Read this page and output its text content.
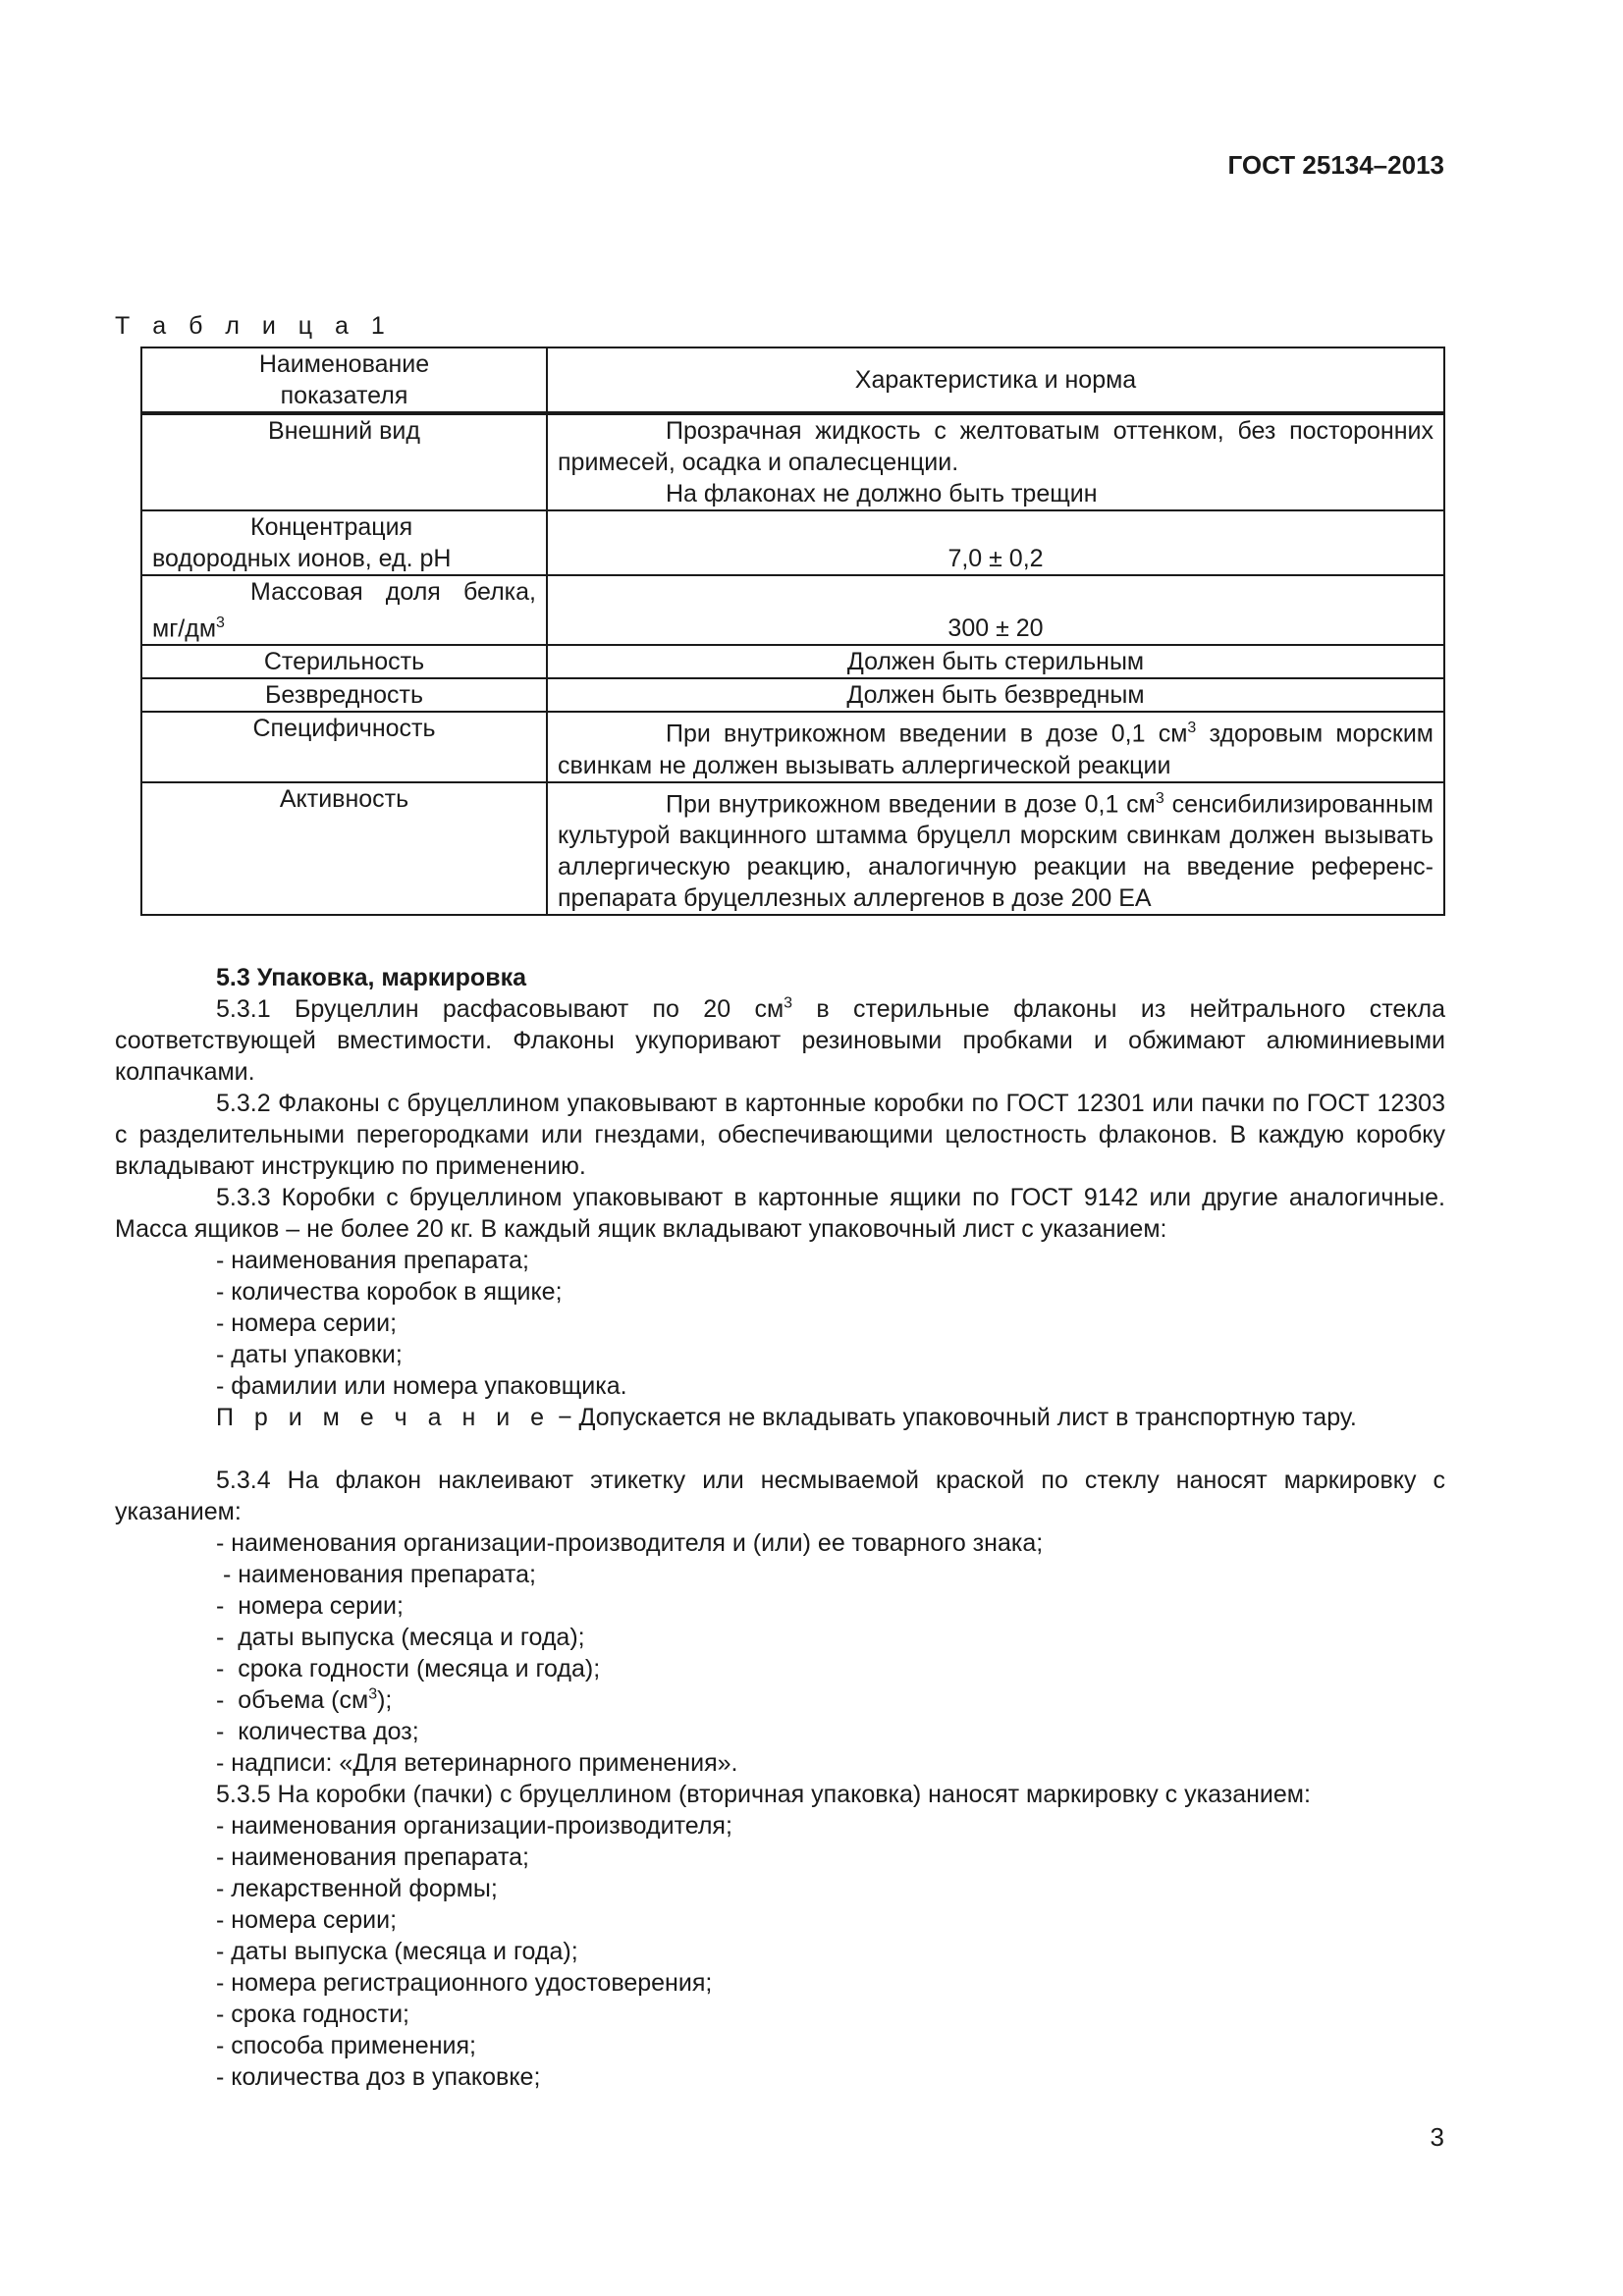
ГОСТ 25134–2013
Т а б л и ц а 1
Наименование показателя	Характеристика и норма
Внешний вид	Прозрачная жидкость с желтоватым оттенком, без посторонних примесей, осадка и опалесценции.
На флаконах не должно быть трещин

Концентрация водородных ионов, ед. pH	7,0 ± 0,2
Массовая доля белка, $мг/дм^3$	300 ± 20
Стерильность	Должен быть стерильным
Безвредность	Должен быть безвредным
Специфичность	При внутрикожном введении в дозе 0,1 $см^3$ здоровым морским свинкам не должен вызывать аллергической реакции
Активность	При внутрикожном введении в дозе 0,1 $см^3$ сенсибилизированным культурой вакцинного штамма бруцелл морским свинкам должен вызывать аллергическую реакцию, аналогичную реакции на введение референс-препарата бруцеллезных аллергенов в дозе 200 ЕА

5.3 Упаковка, маркировка

5.3.1 Бруцеллин расфасовывают по 20 $см^3$ в стерильные флаконы из нейтрального стекла соответствующей вместимости. Флаконы укупоривают резиновыми пробками и обжимают алюминиевыми колпачками.

5.3.2 Флаконы с бруцеллином упаковывают в картонные коробки по ГОСТ 12301 или пачки по ГОСТ 12303 с разделительными перегородками или гнездами, обеспечивающими целостность флаконов. В каждую коробку вкладывают инструкцию по применению.

5.3.3 Коробки с бруцеллином упаковывают в картонные ящики по ГОСТ 9142 или другие аналогичные. Масса ящиков – не более 20 кг. В каждый ящик вкладывают упаковочный лист с указанием:

- наименования препарата;

- количества коробок в ящике;

- номера серии;

- даты упаковки;

- фамилии или номера упаковщика.

П р и м е ч а н и е − Допускается не вкладывать упаковочный лист в транспортную тару.

5.3.4 На флакон наклеивают этикетку или несмываемой краской по стеклу наносят маркировку с указанием:

- наименования организации-производителя и (или) ее товарного знака;

- наименования препарата;

-  номера серии;

-  даты выпуска (месяца и года);

-  срока годности (месяца и года);

-  объема $(см^3)$;

-  количества доз;

- надписи: «Для ветеринарного применения».

5.3.5 На коробки (пачки) с бруцеллином (вторичная упаковка) наносят маркировку с указанием:

- наименования организации-производителя;

- наименования препарата;

- лекарственной формы;

- номера серии;

- даты выпуска (месяца и года);

- номера регистрационного удостоверения;

- срока годности;

- способа применения;

- количества доз в упаковке;

3
